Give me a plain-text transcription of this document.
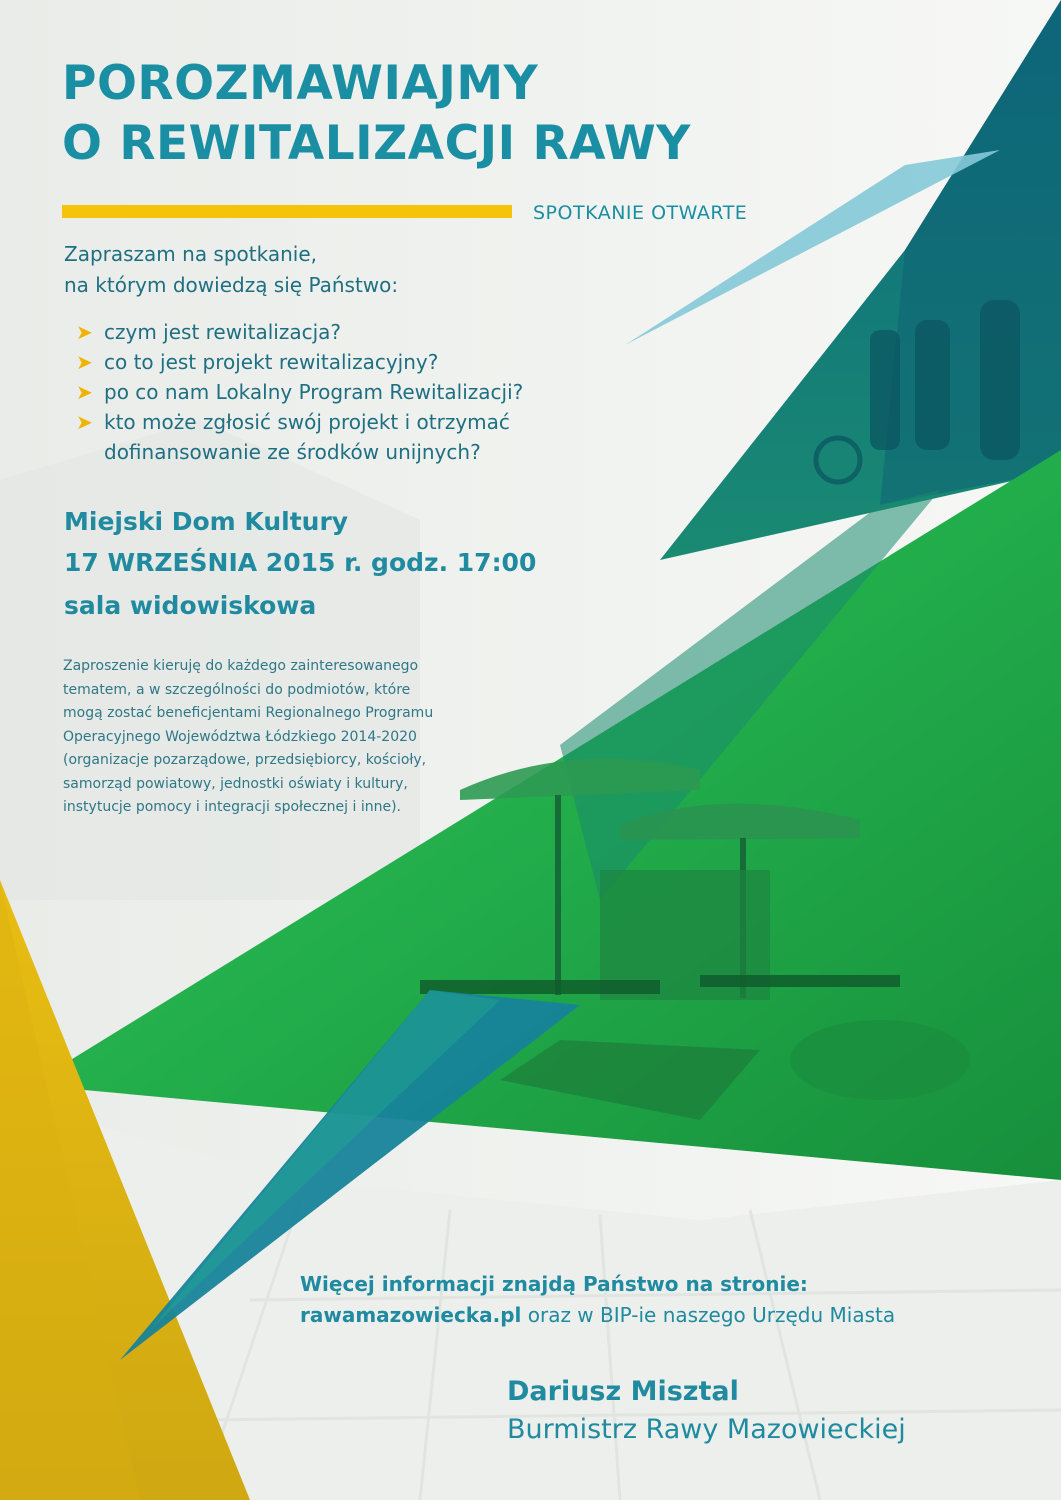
POROZMAWIAJMY
O REWITALIZACJI RAWY

SPOTKANIE OTWARTE

Zapraszam na spotkanie,

na którym dowiedzą się Państwo:

➤ czym jest rewitalizacja?
➤ co to jest projekt rewitalizacyjny?
➤ po co nam Lokalny Program Rewitalizacji?
➤ kto może zgłosić swój projekt i otrzymać
dofinansowanie ze środków unijnych?

Miejski Dom Kultury

17 WRZEŚNIA 2015 r. godz. 17:00

sala widowiskowa

Zaproszenie kieruję do każdego zainteresowanego
tematem, a w szczególności do podmiotów, które
mogą zostać beneficjentami Regionalnego Programu
Operacyjnego Województwa Łódzkiego 2014-2020
(organizacje pozarządowe, przedsiębiorcy, kościoły,
samorząd powiatowy, jednostki oświaty i kultury,
instytucje pomocy i integracji społecznej i inne).

Więcej informacji znajdą Państwo na stronie:

rawamazowiecka.pl oraz w BIP-ie naszego Urzędu Miasta

Dariusz Misztal

Burmistrz Rawy Mazowieckiej
